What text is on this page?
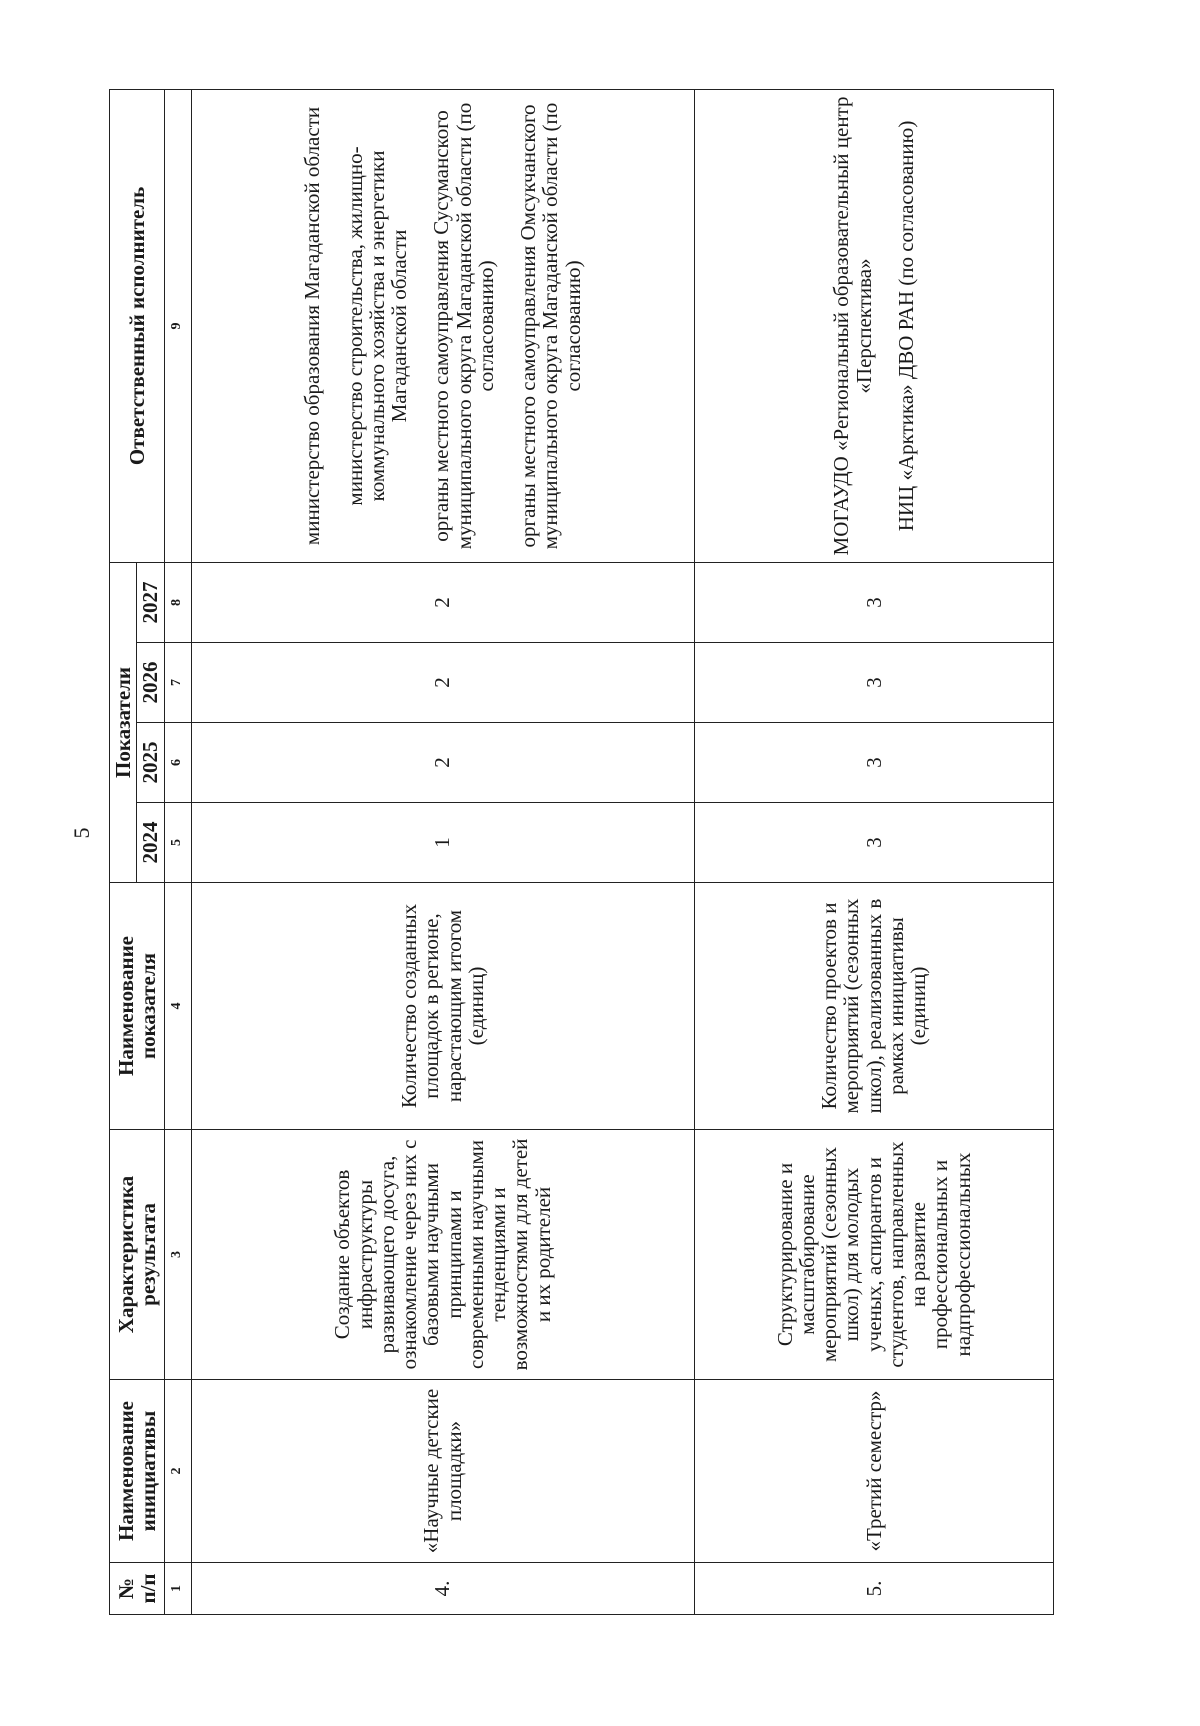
5
№ п/п	Наименование инициативы	Характеристика результата	Наименование показателя	Показатели				Ответственный исполнитель
				2024	2025	2026	2027	
1	2	3	4	5	6	7	8	9
4.	«Научные детские площадки»	Создание объектов инфраструктуры развивающего досуга, ознакомление через них с базовыми научными принципами и современными научными тенденциями и возможностями для детей и их родителей	Количество созданных площадок в регионе, нарастающим итогом (единиц)	1	2	2	2	министерство образования Магаданской области министерство строительства, жилищно-коммунального хозяйства и энергетики Магаданской области органы местного самоуправления Сусуманского муниципального округа Магаданской области (по согласованию) органы местного самоуправления Омсукчанского муниципального округа Магаданской области (по согласованию)

5.	«Третий семестр»	Структурирование и масштабирование мероприятий (сезонных школ) для молодых ученых, аспирантов и студентов, направленных на развитие профессиональных и надпрофессиональных	Количество проектов и мероприятий (сезонных школ), реализованных в рамках инициативы (единиц)	3	3	3	3	МОГАУДО «Региональный образовательный центр «Перспектива» НИЦ «Арктика» ДВО РАН (по согласованию)
